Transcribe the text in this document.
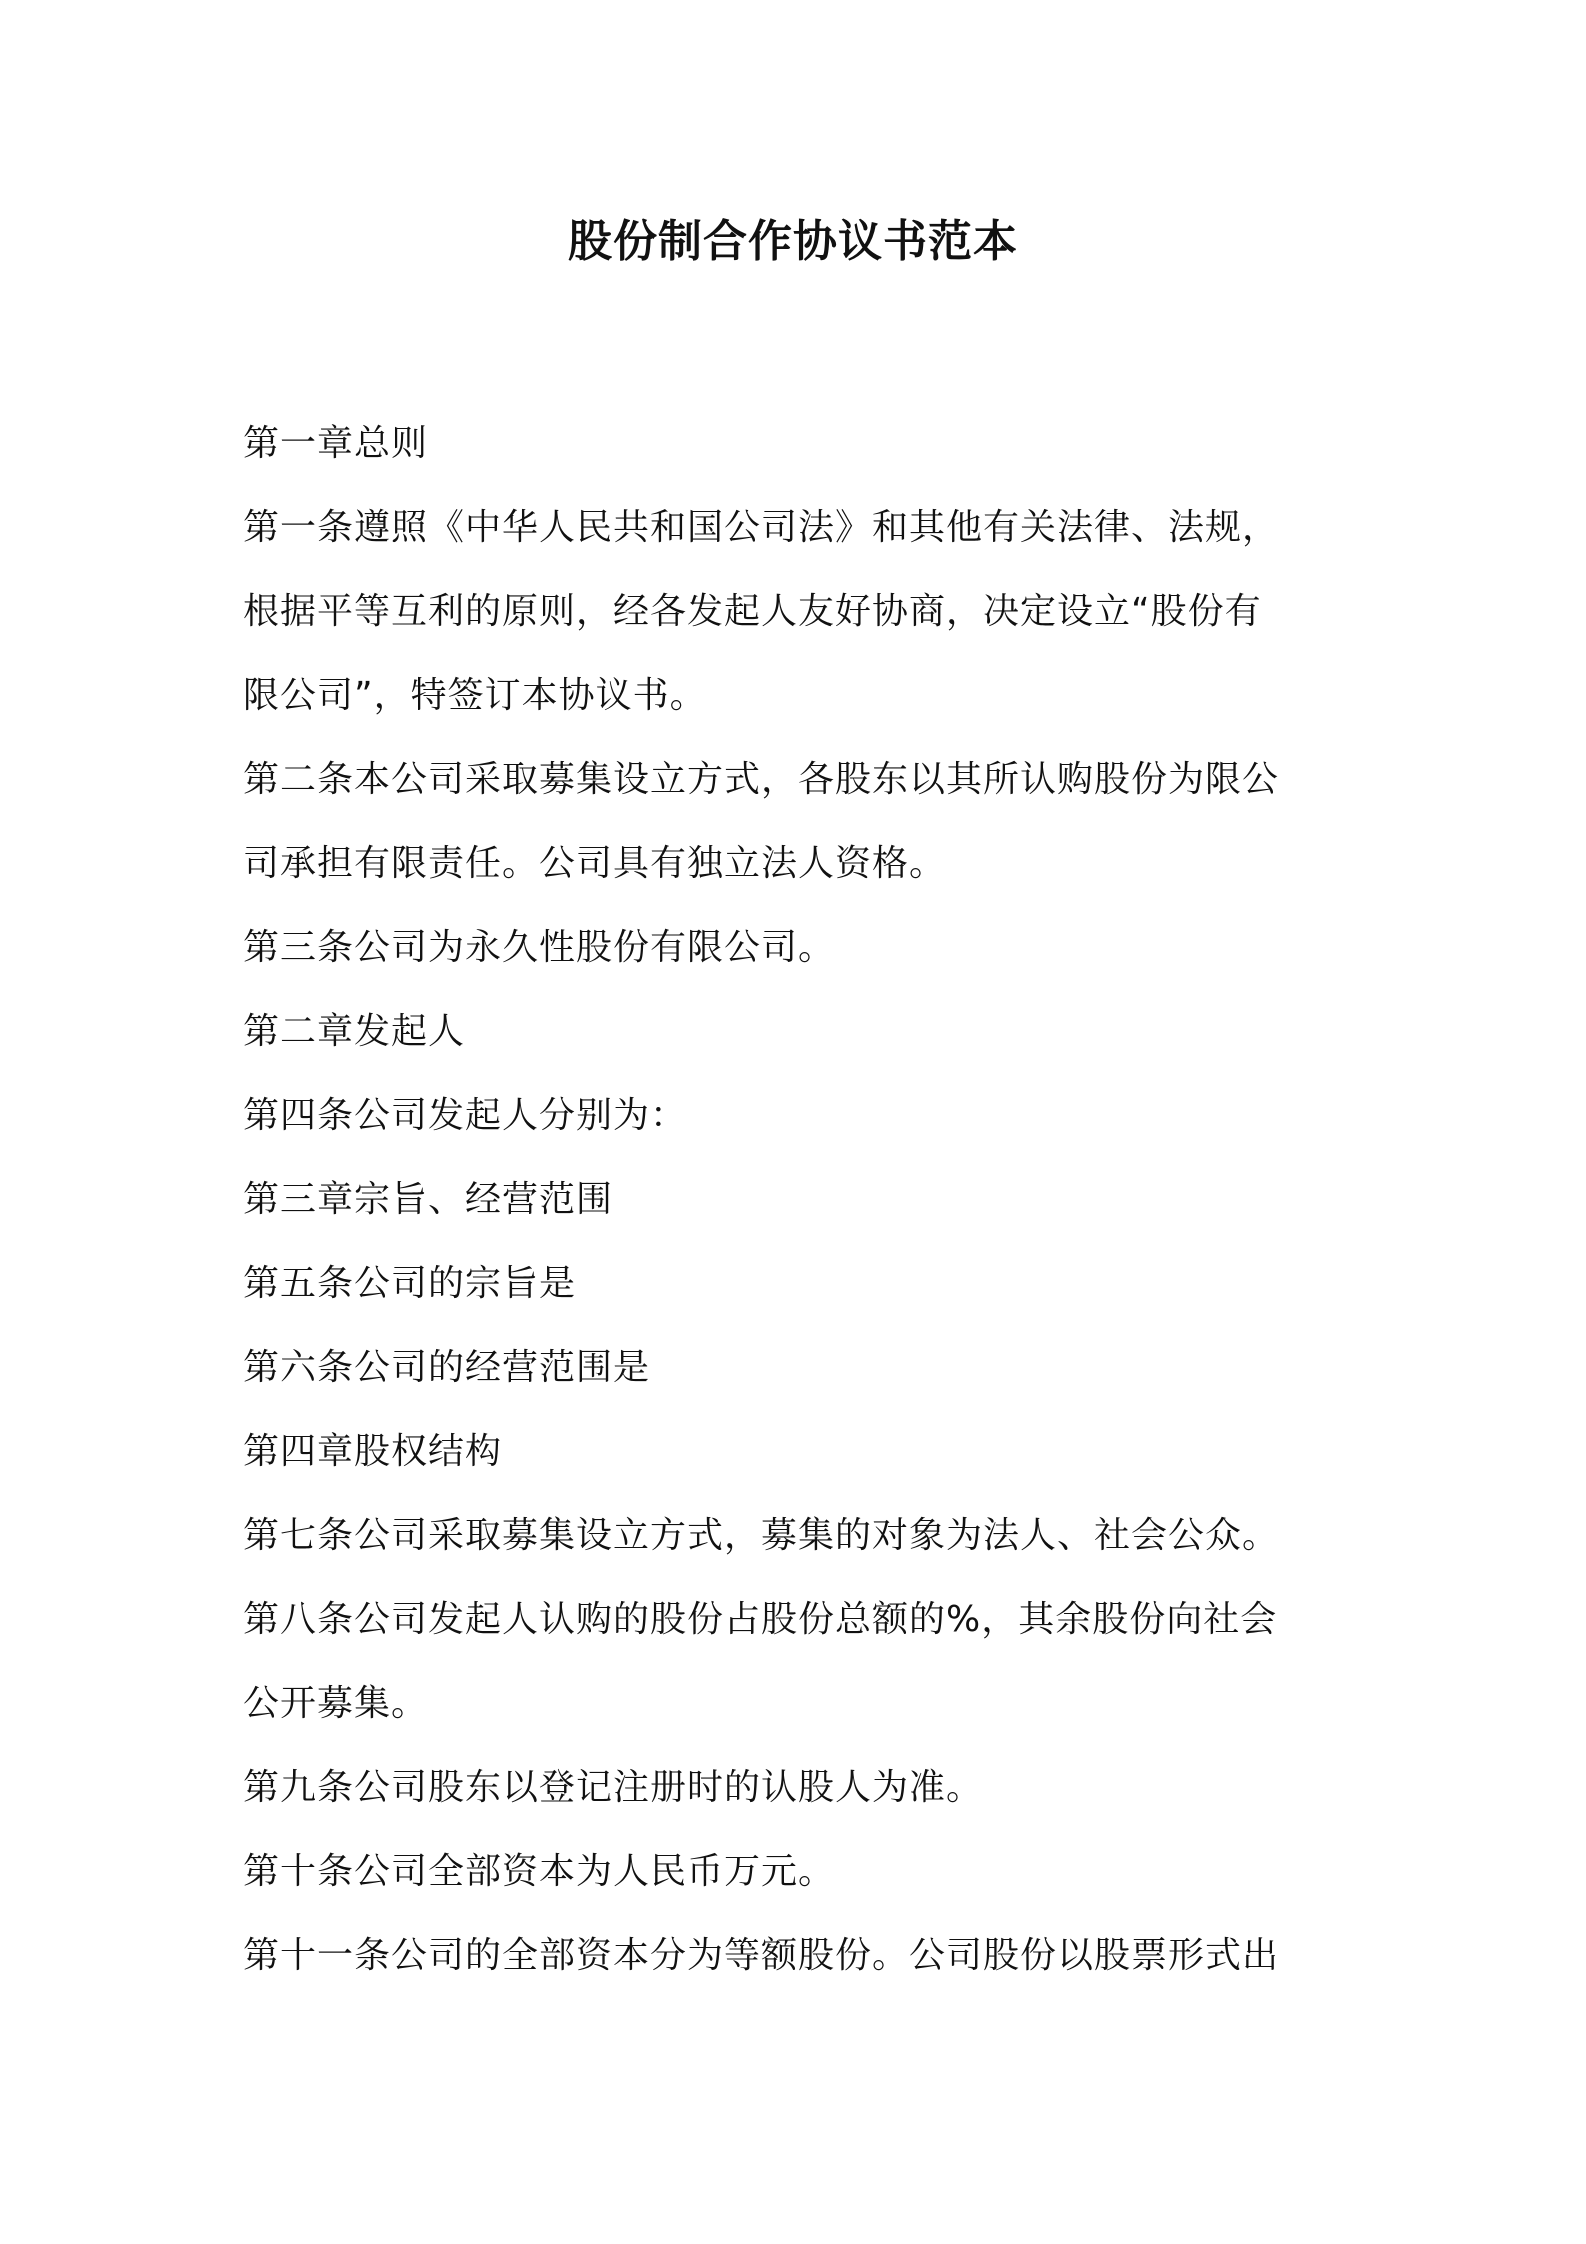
股份制合作协议书范本
第一章总则
第一条遵照《中华人民共和国公司法》和其他有关法律、法规，
根据平等互利的原则，经各发起人友好协商，决定设立“股份有
限公司”，特签订本协议书。
第二条本公司采取募集设立方式，各股东以其所认购股份为限公
司承担有限责任。公司具有独立法人资格。
第三条公司为永久性股份有限公司。
第二章发起人
第四条公司发起人分别为：
第三章宗旨、经营范围
第五条公司的宗旨是
第六条公司的经营范围是
第四章股权结构
第七条公司采取募集设立方式，募集的对象为法人、社会公众。
第八条公司发起人认购的股份占股份总额的%，其余股份向社会
公开募集。
第九条公司股东以登记注册时的认股人为准。
第十条公司全部资本为人民币万元。
第十一条公司的全部资本分为等额股份。公司股份以股票形式出
